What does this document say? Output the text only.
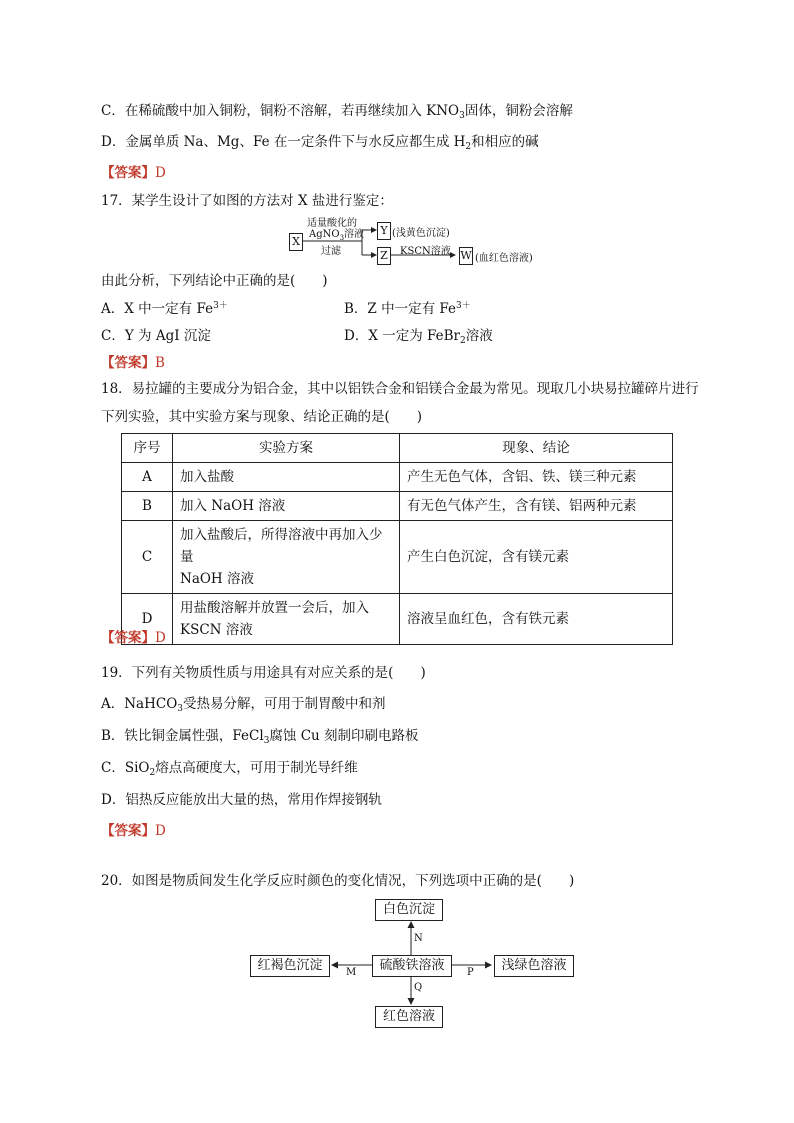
C．在稀硫酸中加入铜粉，铜粉不溶解，若再继续加入 $KNO_3$固体，铜粉会溶解
D．金属单质 Na、Mg、Fe 在一定条件下与水反应都生成 $H_2$和相应的碱
【答案】D
17．某学生设计了如图的方法对 X 盐进行鉴定：
X
适量酸化的
AgNO$_3$溶液
过滤
Y (浅黄色沉淀)
Z	KSCN溶液 W (血红色溶液)
由此分析，下列结论中正确的是(　　)
A．X 中一定有 $Fe^{3+}$	B．Z 中一定有 $Fe^{3+}$
C．Y 为 AgI 沉淀	D．X 一定为 FeBr$_2$溶液
【答案】B
18．易拉罐的主要成分为铝合金，其中以铝铁合金和铝镁合金最为常见。现取几小块易拉罐碎片进行
下列实验，其中实验方案与现象、结论正确的是(　　)
序号	实验方案	现象、结论
A	加入盐酸	产生无色气体，含铝、铁、镁三种元素
B	加入 NaOH 溶液	有无色气体产生，含有镁、铝两种元素
C	加入盐酸后，所得溶液中再加入少量
NaOH 溶液	产生白色沉淀，含有镁元素
D	用盐酸溶解并放置一会后，加入
KSCN 溶液	溶液呈血红色，含有铁元素
【答案】D
19．下列有关物质性质与用途具有对应关系的是(　　)
A．NaHCO$_3$受热易分解，可用于制胃酸中和剂
B．铁比铜金属性强，FeCl$_3$腐蚀 Cu 刻制印刷电路板
C．SiO$_2$熔点高硬度大，可用于制光导纤维
D．铝热反应能放出大量的热，常用作焊接钢轨
【答案】D
20．如图是物质间发生化学反应时颜色的变化情况，下列选项中正确的是(　　)
白色沉淀
硫酸铁溶液
红褐色沉淀	浅绿色溶液
红色溶液
N
M	P
Q
